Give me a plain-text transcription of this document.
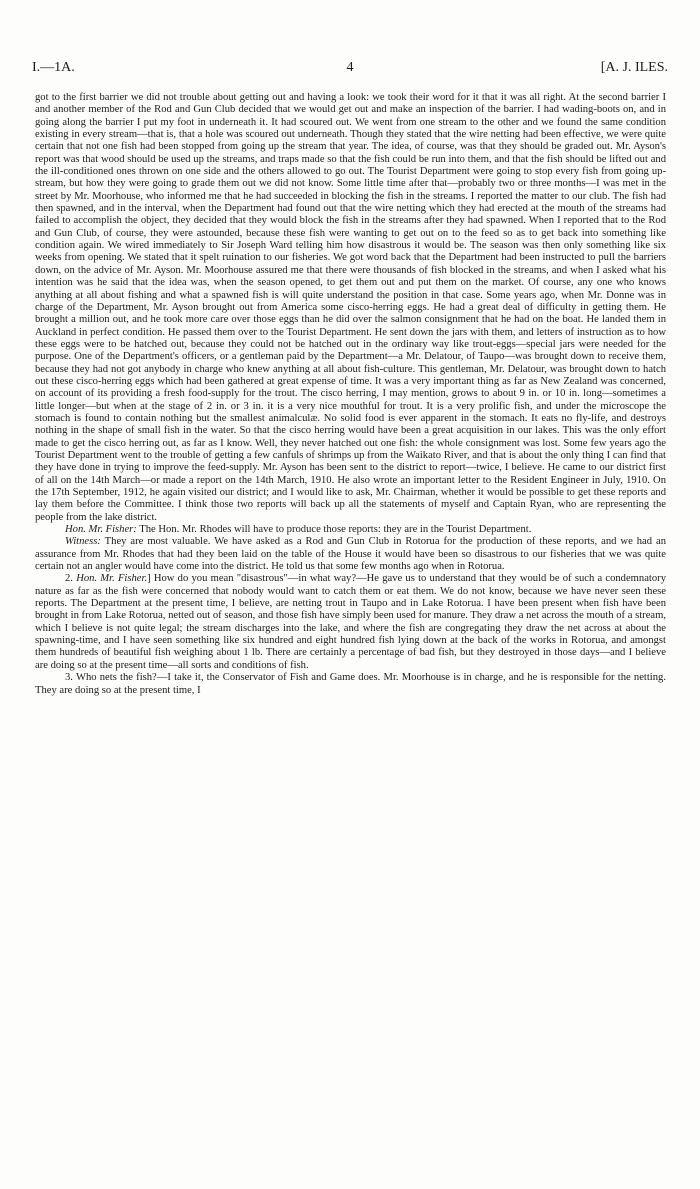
I.—1A.	4	[A. J. ILES.

got to the first barrier we did not trouble about getting out and having a look: we took their word for it that it was all right. At the second barrier I and another member of the Rod and Gun Club decided that we would get out and make an inspection of the barrier. I had wading-boots on, and in going along the barrier I put my foot in underneath it. It had scoured out. We went from one stream to the other and we found the same condition existing in every stream—that is, that a hole was scoured out underneath. Though they stated that the wire netting had been effective, we were quite certain that not one fish had been stopped from going up the stream that year. The idea, of course, was that they should be graded out. Mr. Ayson's report was that wood should be used up the streams, and traps made so that the fish could be run into them, and that the fish should be lifted out and the ill-conditioned ones thrown on one side and the others allowed to go out. The Tourist Department were going to stop every fish from going up-stream, but how they were going to grade them out we did not know. Some little time after that—probably two or three months—I was met in the street by Mr. Moorhouse, who informed me that he had succeeded in blocking the fish in the streams. I reported the matter to our club. The fish had then spawned, and in the interval, when the Department had found out that the wire netting which they had erected at the mouth of the streams had failed to accomplish the object, they decided that they would block the fish in the streams after they had spawned. When I reported that to the Rod and Gun Club, of course, they were astounded, because these fish were wanting to get out on to the feed so as to get back into something like condition again. We wired immediately to Sir Joseph Ward telling him how disastrous it would be. The season was then only something like six weeks from opening. We stated that it spelt ruination to our fisheries. We got word back that the Department had been instructed to pull the barriers down, on the advice of Mr. Ayson. Mr. Moorhouse assured me that there were thousands of fish blocked in the streams, and when I asked what his intention was he said that the idea was, when the season opened, to get them out and put them on the market. Of course, any one who knows anything at all about fishing and what a spawned fish is will quite understand the position in that case. Some years ago, when Mr. Donne was in charge of the Department, Mr. Ayson brought out from America some cisco-herring eggs. He had a great deal of difficulty in getting them. He brought a million out, and he took more care over those eggs than he did over the salmon consignment that he had on the boat. He landed them in Auckland in perfect condition. He passed them over to the Tourist Department. He sent down the jars with them, and letters of instruction as to how these eggs were to be hatched out, because they could not be hatched out in the ordinary way like trout-eggs—special jars were needed for the purpose. One of the Department's officers, or a gentleman paid by the Department—a Mr. Delatour, of Taupo—was brought down to receive them, because they had not got anybody in charge who knew anything at all about fish-culture. This gentleman, Mr. Delatour, was brought down to hatch out these cisco-herring eggs which had been gathered at great expense of time. It was a very important thing as far as New Zealand was concerned, on account of its providing a fresh food-supply for the trout. The cisco herring, I may mention, grows to about 9 in. or 10 in. long—sometimes a little longer—but when at the stage of 2 in. or 3 in. it is a very nice mouthful for trout. It is a very prolific fish, and under the microscope the stomach is found to contain nothing but the smallest animalculæ. No solid food is ever apparent in the stomach. It eats no fly-life, and destroys nothing in the shape of small fish in the water. So that the cisco herring would have been a great acquisition in our lakes. This was the only effort made to get the cisco herring out, as far as I know. Well, they never hatched out one fish: the whole consignment was lost. Some few years ago the Tourist Department went to the trouble of getting a few canfuls of shrimps up from the Waikato River, and that is about the only thing I can find that they have done in trying to improve the feed-supply. Mr. Ayson has been sent to the district to report—twice, I believe. He came to our district first of all on the 14th March—or made a report on the 14th March, 1910. He also wrote an important letter to the Resident Engineer in July, 1910. On the 17th September, 1912, he again visited our district; and I would like to ask, Mr. Chairman, whether it would be possible to get these reports and lay them before the Committee. I think those two reports will back up all the statements of myself and Captain Ryan, who are representing the people from the lake district.

Hon. Mr. Fisher: The Hon. Mr. Rhodes will have to produce those reports: they are in the Tourist Department.

Witness: They are most valuable. We have asked as a Rod and Gun Club in Rotorua for the production of these reports, and we had an assurance from Mr. Rhodes that had they been laid on the table of the House it would have been so disastrous to our fisheries that we was quite certain not an angler would have come into the district. He told us that some few months ago when in Rotorua.

2. Hon. Mr. Fisher.] How do you mean "disastrous"—in what way?—He gave us to understand that they would be of such a condemnatory nature as far as the fish were concerned that nobody would want to catch them or eat them. We do not know, because we have never seen these reports. The Department at the present time, I believe, are netting trout in Taupo and in Lake Rotorua. I have been present when fish have been brought in from Lake Rotorua, netted out of season, and those fish have simply been used for manure. They draw a net across the mouth of a stream, which I believe is not quite legal; the stream discharges into the lake, and where the fish are congregating they draw the net across at about the spawning-time, and I have seen something like six hundred and eight hundred fish lying down at the back of the works in Rotorua, and amongst them hundreds of beautiful fish weighing about 1 lb. There are certainly a percentage of bad fish, but they destroyed in those days—and I believe are doing so at the present time—all sorts and conditions of fish.

3. Who nets the fish?—I take it, the Conservator of Fish and Game does. Mr. Moorhouse is in charge, and he is responsible for the netting. They are doing so at the present time, I
